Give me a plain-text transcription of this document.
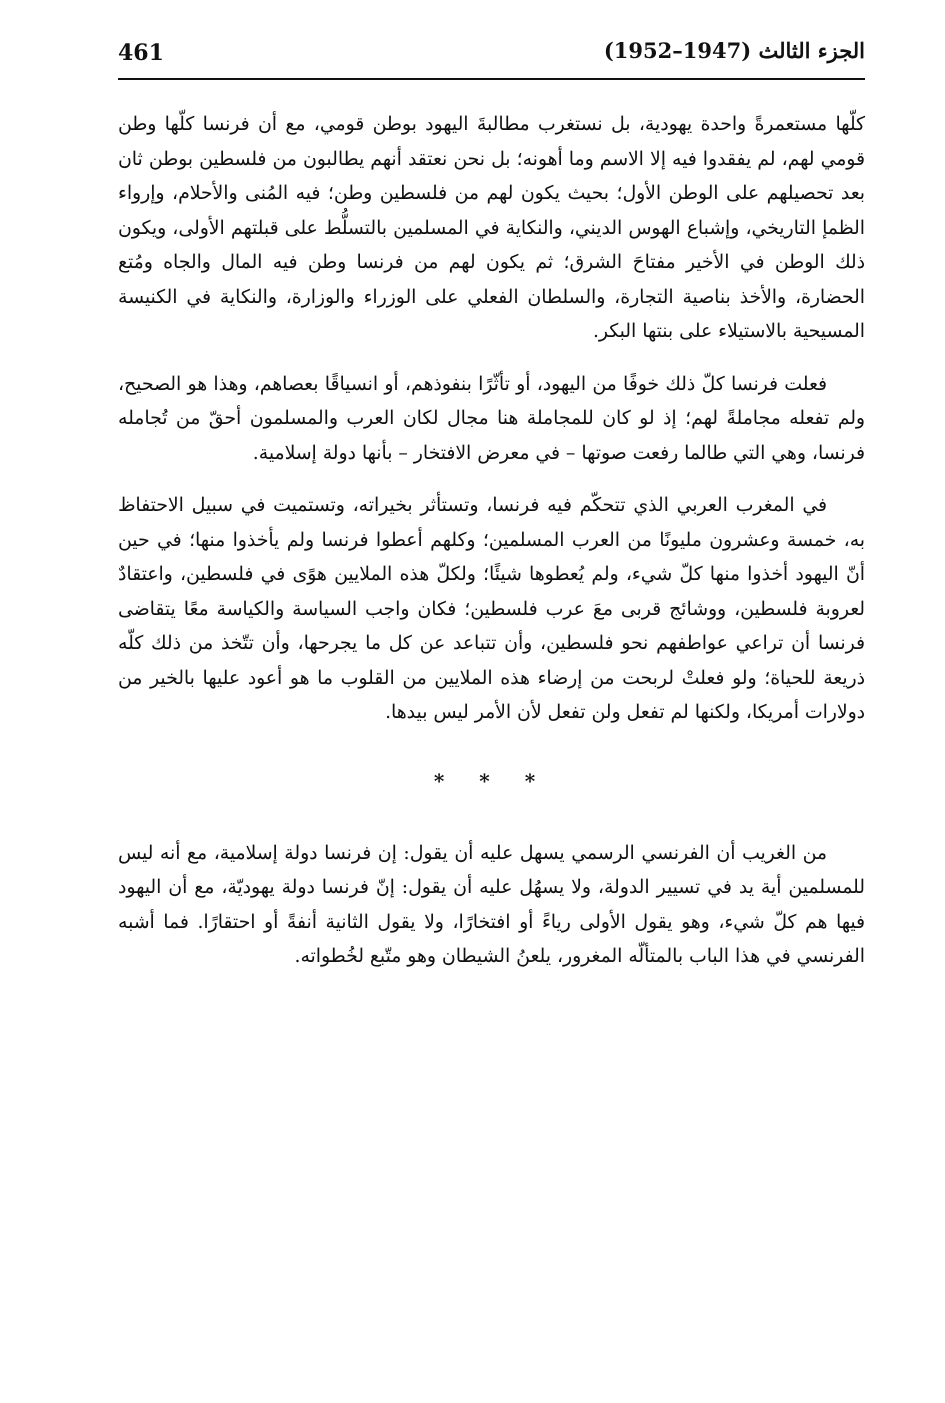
461	الجزء الثالث (1947–1952)

كلّها مستعمرةً واحدة يهودية، بل نستغرب مطالبةَ اليهود بوطن قومي، مع أن فرنسا كلّها وطن قومي لهم، لم يفقدوا فيه إلا الاسم وما أهونه؛ بل نحن نعتقد أنهم يطالبون من فلسطين بوطن ثان بعد تحصيلهم على الوطن الأول؛ بحيث يكون لهم من فلسطين وطن؛ فيه المُنى والأحلام، وإرواء الظمإ التاريخي، وإشباع الهوس الديني، والنكاية في المسلمين بالتسلُّط على قبلتهم الأولى، ويكون ذلك الوطن في الأخير مفتاحَ الشرق؛ ثم يكون لهم من فرنسا وطن فيه المال والجاه ومُتع الحضارة، والأخذ بناصية التجارة، والسلطان الفعلي على الوزراء والوزارة، والنكاية في الكنيسة المسيحية بالاستيلاء على بنتها البكر.

فعلت فرنسا كلّ ذلك خوفًا من اليهود، أو تأثّرًا بنفوذهم، أو انسياقًا بعصاهم، وهذا هو الصحيح، ولم تفعله مجاملةً لهم؛ إذ لو كان للمجاملة هنا مجال لكان العرب والمسلمون أحقّ من تُجامله فرنسا، وهي التي طالما رفعت صوتها – في معرض الافتخار – بأنها دولة إسلامية.

في المغرب العربي الذي تتحكّم فيه فرنسا، وتستأثر بخيراته، وتستميت في سبيل الاحتفاظ به، خمسة وعشرون مليونًا من العرب المسلمين؛ وكلهم أعطوا فرنسا ولم يأخذوا منها؛ في حين أنّ اليهود أخذوا منها كلّ شيء، ولم يُعطوها شيئًا؛ ولكلّ هذه الملايين هوًى في فلسطين، واعتقادٌ لعروبة فلسطين، ووشائج قربى معَ عرب فلسطين؛ فكان واجب السياسة والكياسة معًا يتقاضى فرنسا أن تراعي عواطفهم نحو فلسطين، وأن تتباعد عن كل ما يجرحها، وأن تتّخذ من ذلك كلّه ذريعة للحياة؛ ولو فعلتْ لربحت من إرضاء هذه الملايين من القلوب ما هو أعود عليها بالخير من دولارات أمريكا، ولكنها لم تفعل ولن تفعل لأن الأمر ليس بيدها.

* * *

من الغريب أن الفرنسي الرسمي يسهل عليه أن يقول: إن فرنسا دولة إسلامية، مع أنه ليس للمسلمين أية يد في تسيير الدولة، ولا يسهُل عليه أن يقول: إنّ فرنسا دولة يهوديّة، مع أن اليهود فيها هم كلّ شيء، وهو يقول الأولى رياءً أو افتخارًا، ولا يقول الثانية أنفةً أو احتقارًا. فما أشبه الفرنسي في هذا الباب بالمتألّه المغرور، يلعنُ الشيطان وهو متّبع لخُطواته.
